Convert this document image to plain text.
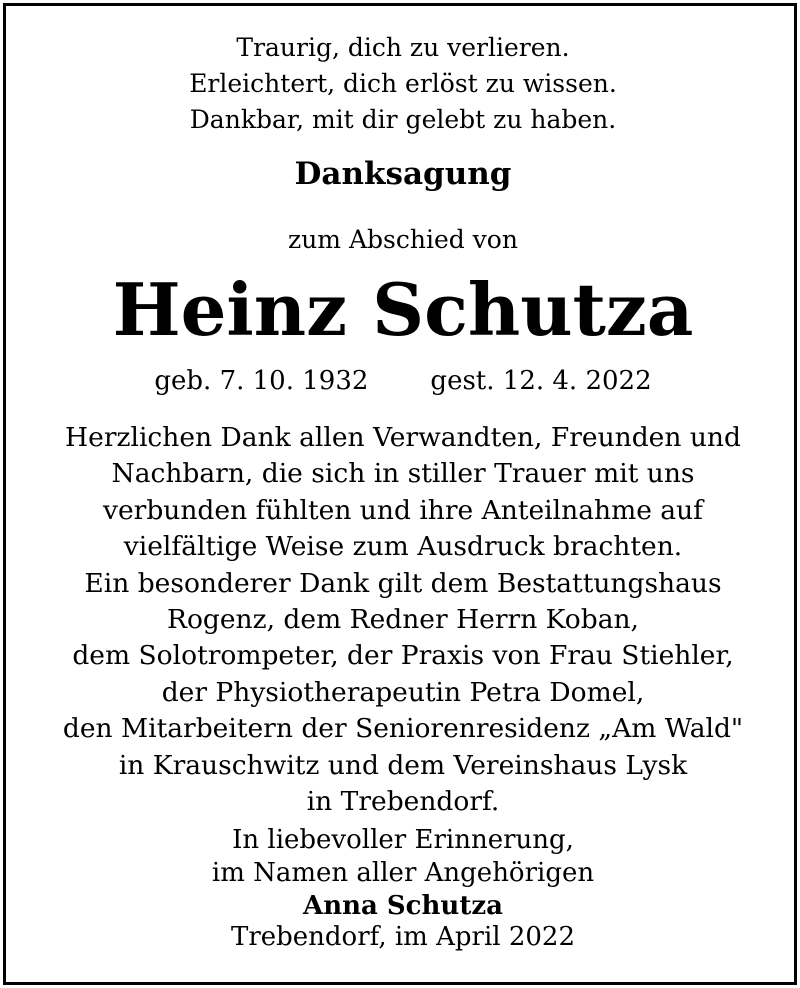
Traurig, dich zu verlieren.
Erleichtert, dich erlöst zu wissen.
Dankbar, mit dir gelebt zu haben.
Danksagung
zum Abschied von
Heinz Schutza
geb. 7. 10. 1932 gest. 12. 4. 2022
Herzlichen Dank allen Verwandten, Freunden und
Nachbarn, die sich in stiller Trauer mit uns
verbunden fühlten und ihre Anteilnahme auf
vielfältige Weise zum Ausdruck brachten.
Ein besonderer Dank gilt dem Bestattungshaus
Rogenz, dem Redner Herrn Koban,
dem Solotrompeter, der Praxis von Frau Stiehler,
der Physiotherapeutin Petra Domel,
den Mitarbeitern der Seniorenresidenz „Am Wald"
in Krauschwitz und dem Vereinshaus Lysk
in Trebendorf.
In liebevoller Erinnerung,
im Namen aller Angehörigen
Anna Schutza
Trebendorf, im April 2022
